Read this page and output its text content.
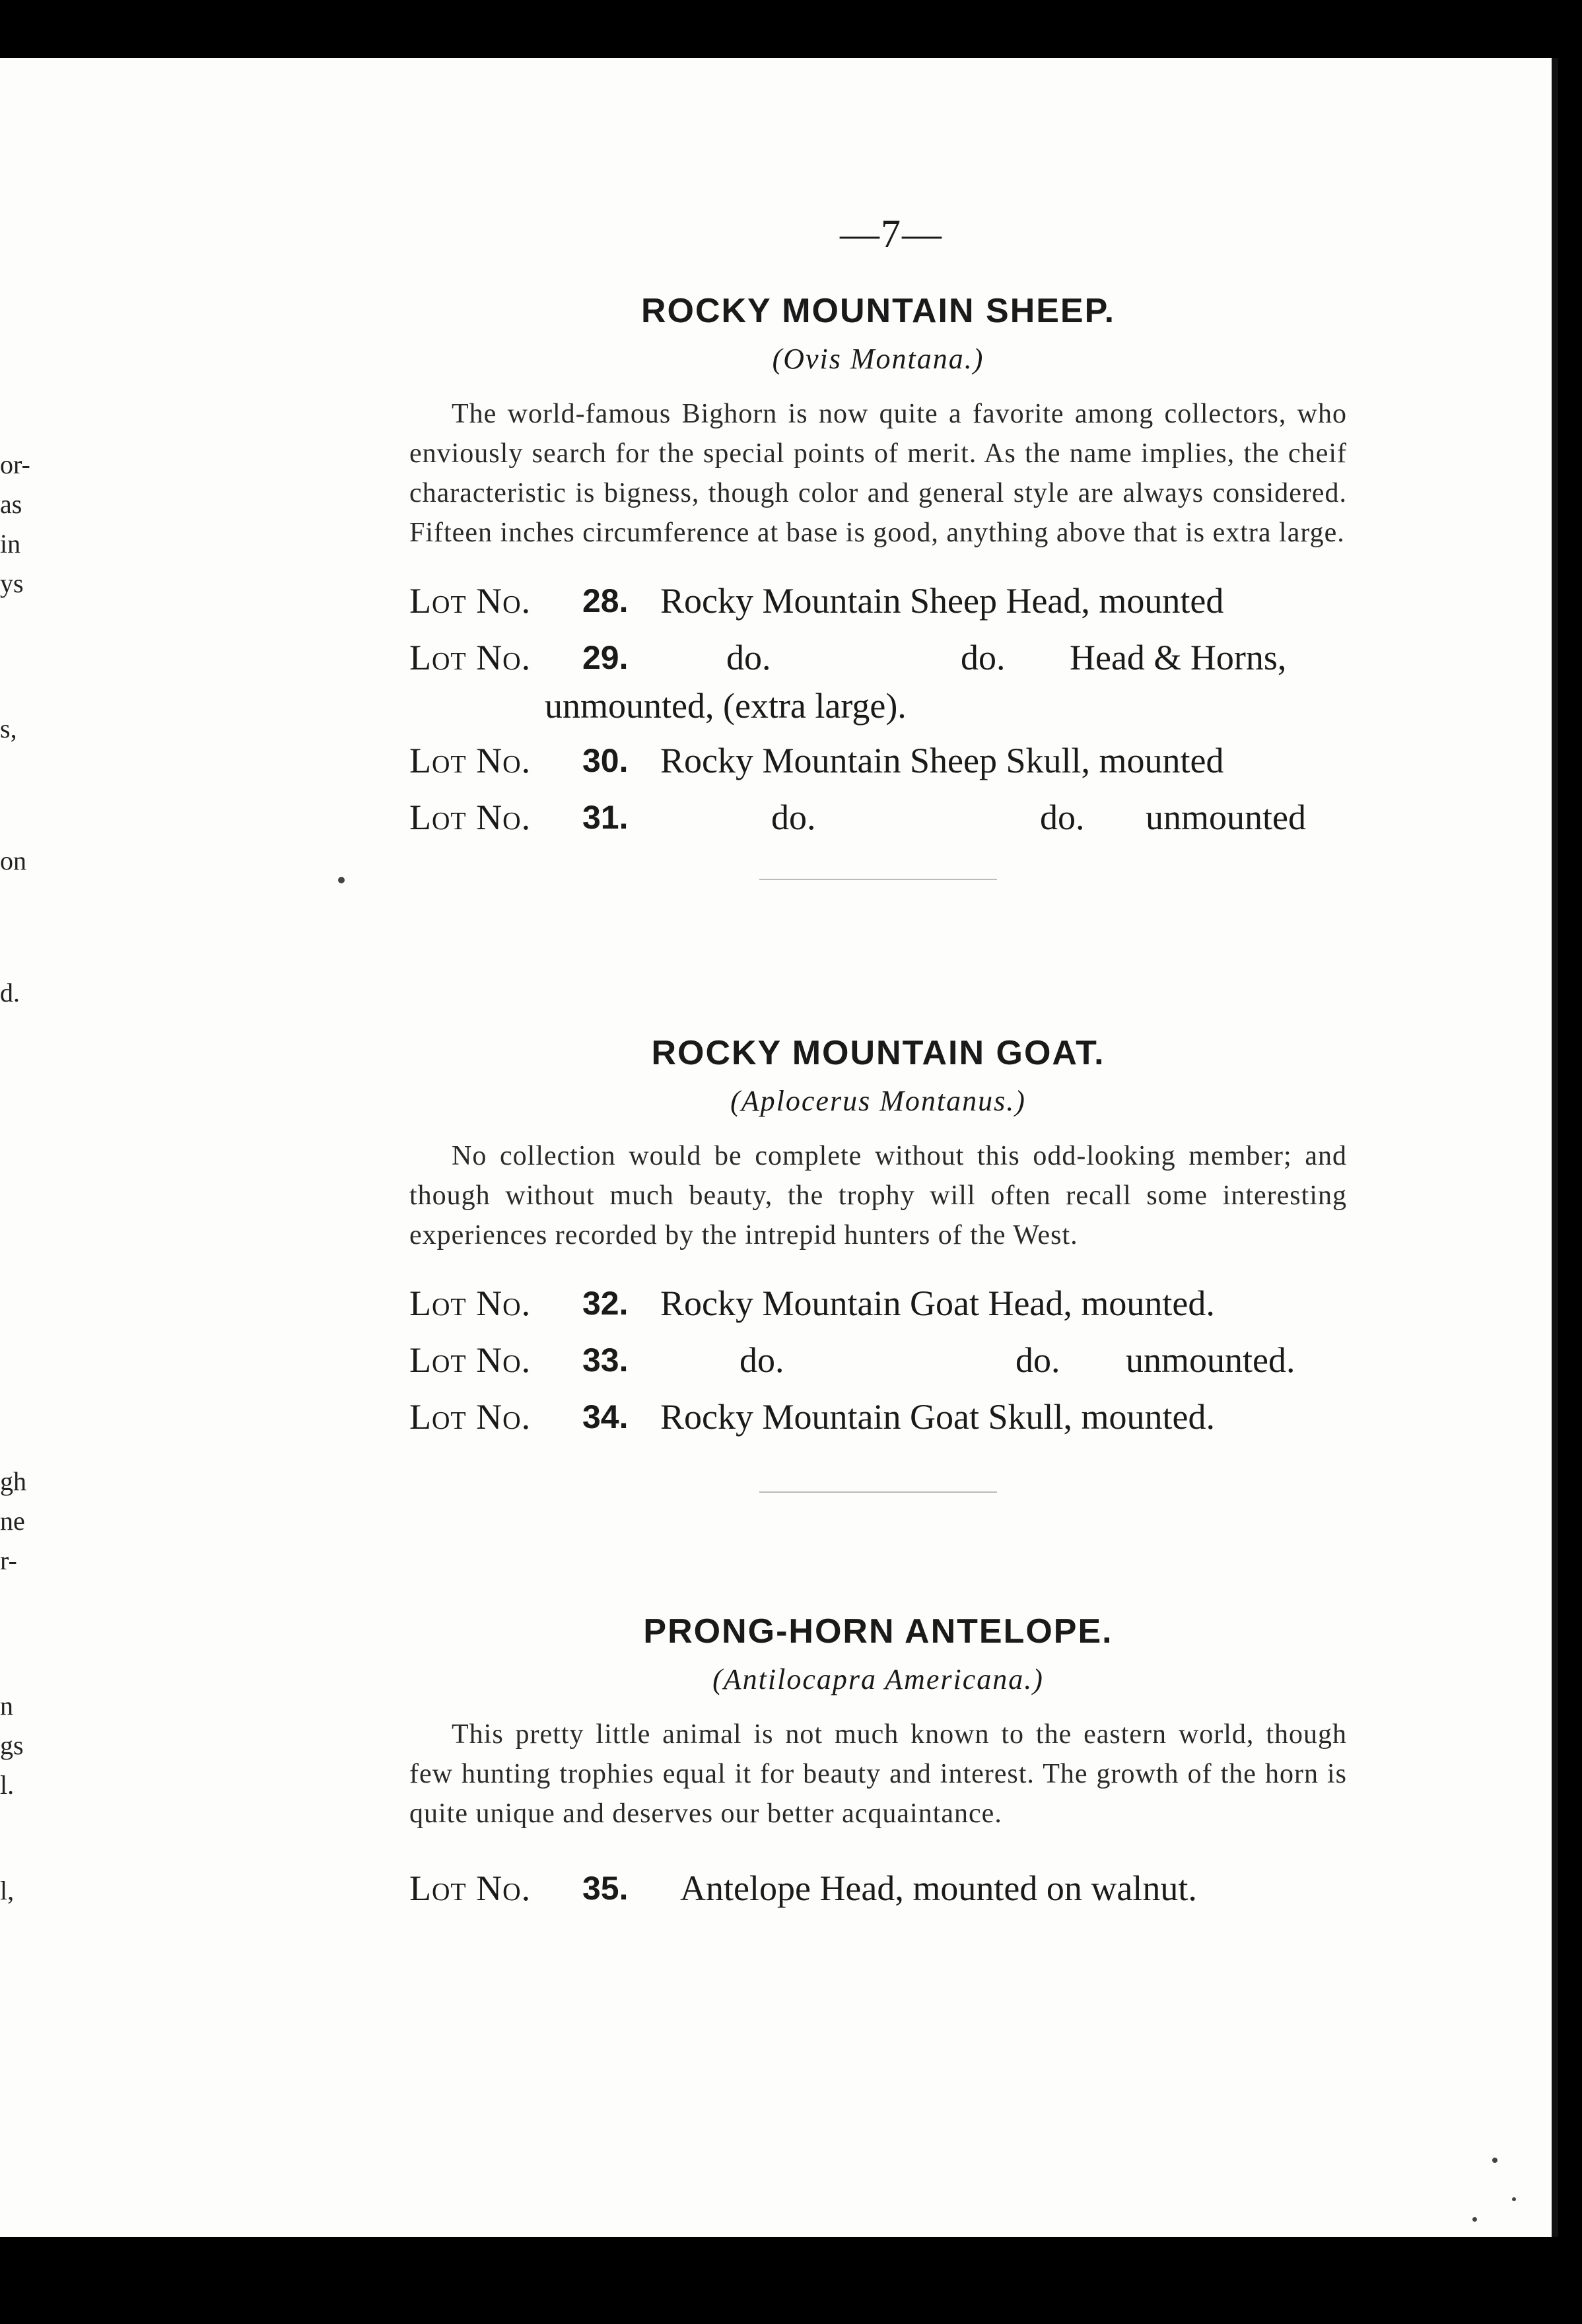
or-
as
in
ys
s,
on
d.
gh
ne
r-
n
gs
l.
l,
—7—
ROCKY MOUNTAIN SHEEP.
(Ovis Montana.)
The world-famous Bighorn is now quite a favorite among collectors, who enviously search for the special points of merit. As the name implies, the cheif characteristic is bigness, though color and general style are always considered. Fifteen inches circumference at base is good, anything above that is extra large.
Lot No. 28. Rocky Mountain Sheep Head, mounted
Lot No. 29.	do.	do. Head & Horns,
unmounted, (extra large).
Lot No. 30. Rocky Mountain Sheep Skull, mounted
Lot No. 31.	do.	do. unmounted
ROCKY MOUNTAIN GOAT.
(Aplocerus Montanus.)
No collection would be complete without this odd-looking member; and though without much beauty, the trophy will often recall some interesting experiences recorded by the intrepid hunters of the West.
Lot No. 32. Rocky Mountain Goat Head, mounted.
Lot No. 33.	do.	do. unmounted.
Lot No. 34. Rocky Mountain Goat Skull, mounted.
PRONG-HORN ANTELOPE.
(Antilocapra Americana.)
This pretty little animal is not much known to the eastern world, though few hunting trophies equal it for beauty and interest. The growth of the horn is quite unique and deserves our better acquaintance.
Lot No. 35. Antelope Head, mounted on walnut.
